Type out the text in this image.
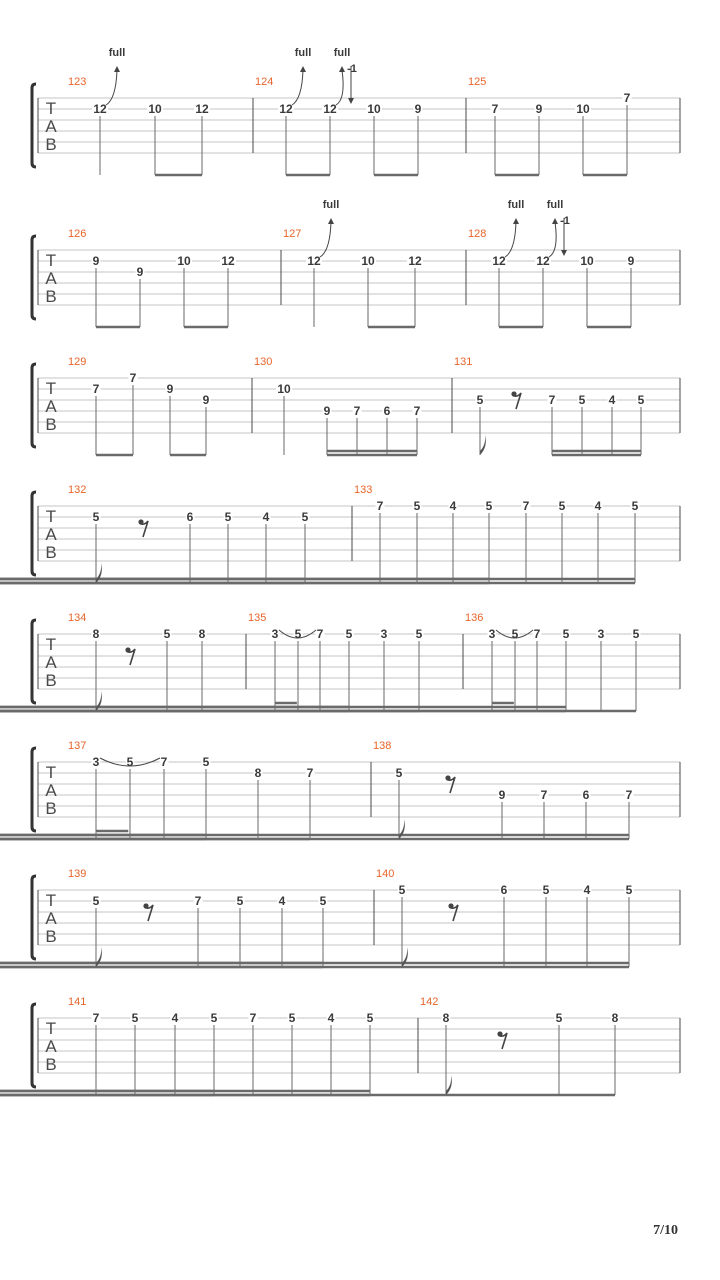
7/10
T
A
B
123
12
full
10	12
124
12
full
12
full
-1
10	9
125
7	9	10
7
T
A
B
126
9
9
10	12
127
12
full
10	12
128
12
full
12
full
-1
10	9
T
A
B
129
7
7
9
9
130
10
9 7 6 7
131
5	7 5 4 5
T
A
B
132
5	6	5	4	5
133
7	5 4 5	7 5 4	5
T
A
B
134
8	5 8
135
3 5 7 5 3 5
136
3 5 7 5 3 5
T
A
B
137
3 5 7	5
8	7
138
5
9	7	6	7
T
A
B
139
5	7	5	4	5
140
5	6	5	4	5
T
A
B
141
7	5	4	5	7	5	4	5
142
8	5	8
